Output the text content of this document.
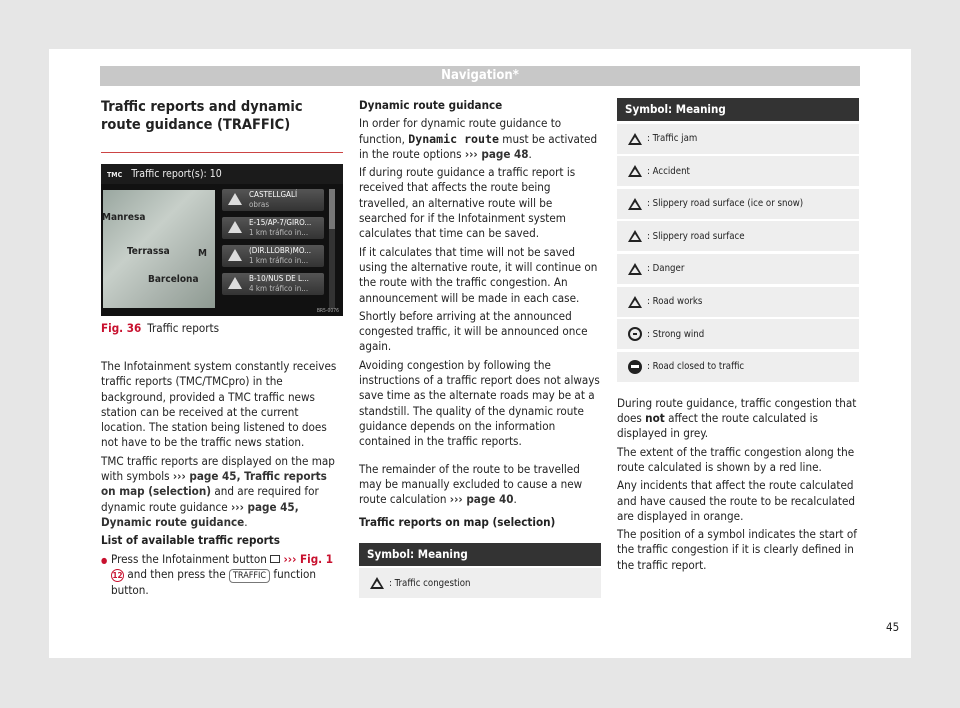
Navigation*
Traffic reports and dynamic route guidance (TRAFFIC)
TMC Traffic report(s): 10
Manresa
Terrassa
Barcelona
M
CASTELLGALÍ
obras
E-15/AP-7/GIRO...
1 km tráfico in...
(DIR.LLOBR)MO...
1 km tráfico in...
B-10/NUS DE L...
4 km tráfico in...
BR5-0076
Fig. 36 Traffic reports

The Infotainment system constantly receives traffic reports (TMC/TMCpro) in the background, provided a TMC traffic news station can be received at the current location. The station being listened to does not have to be the traffic news station.

TMC traffic reports are displayed on the map with symbols ››› page 45, Traffic reports on map (selection) and are required for dynamic route guidance ››› page 45, Dynamic route guidance.

List of available traffic reports

● Press the Infotainment button ››› Fig. 1 12 and then press the TRAFFIC function button.

Dynamic route guidance

In order for dynamic route guidance to function, Dynamic route must be activated in the route options ››› page 48.

If during route guidance a traffic report is received that affects the route being travelled, an alternative route will be searched for if the Infotainment system calculates that time can be saved.

If it calculates that time will not be saved using the alternative route, it will continue on the route with the traffic congestion. An announcement will be made in each case.

Shortly before arriving at the announced congested traffic, it will be announced once again.

Avoiding congestion by following the instructions of a traffic report does not always save time as the alternate roads may be at a standstill. The quality of the dynamic route guidance depends on the information contained in the traffic reports.

The remainder of the route to be travelled may be manually excluded to cause a new route calculation ››› page 40.

Traffic reports on map (selection)

Symbol: Meaning
: Traffic congestion
Symbol: Meaning
: Traffic jam
: Accident
: Slippery road surface (ice or snow)
: Slippery road surface
: Danger
: Road works
: Strong wind
: Road closed to traffic

During route guidance, traffic congestion that does not affect the route calculated is displayed in grey.

The extent of the traffic congestion along the route calculated is shown by a red line.

Any incidents that affect the route calculated and have caused the route to be recalculated are displayed in orange.

The position of a symbol indicates the start of the traffic congestion if it is clearly defined in the traffic report.

45
